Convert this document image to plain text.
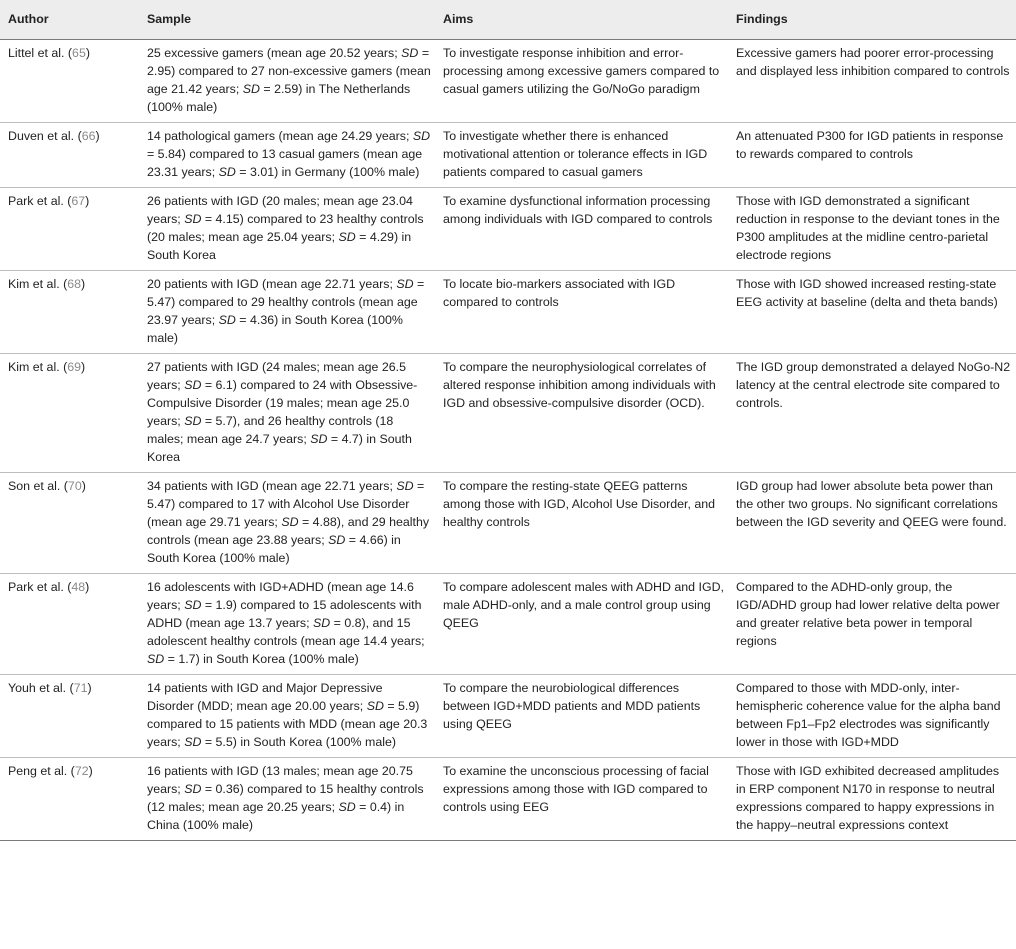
Author	Sample	Aims	Findings
Littel et al. (65)	25 excessive gamers (mean age 20.52 years; SD = 2.95) compared to 27 non-excessive gamers (mean age 21.42 years; SD = 2.59) in The Netherlands (100% male)	To investigate response inhibition and error-processing among excessive gamers compared to casual gamers utilizing the Go/NoGo paradigm	Excessive gamers had poorer error-processing and displayed less inhibition compared to controls
Duven et al. (66)	14 pathological gamers (mean age 24.29 years; SD = 5.84) compared to 13 casual gamers (mean age 23.31 years; SD = 3.01) in Germany (100% male)	To investigate whether there is enhanced motivational attention or tolerance effects in IGD patients compared to casual gamers	An attenuated P300 for IGD patients in response to rewards compared to controls
Park et al. (67)	26 patients with IGD (20 males; mean age 23.04 years; SD = 4.15) compared to 23 healthy controls (20 males; mean age 25.04 years; SD = 4.29) in South Korea	To examine dysfunctional information processing among individuals with IGD compared to controls	Those with IGD demonstrated a significant reduction in response to the deviant tones in the P300 amplitudes at the midline centro-parietal electrode regions
Kim et al. (68)	20 patients with IGD (mean age 22.71 years; SD = 5.47) compared to 29 healthy controls (mean age 23.97 years; SD = 4.36) in South Korea (100% male)	To locate bio-markers associated with IGD compared to controls	Those with IGD showed increased resting-state EEG activity at baseline (delta and theta bands)
Kim et al. (69)	27 patients with IGD (24 males; mean age 26.5 years; SD = 6.1) compared to 24 with Obsessive-Compulsive Disorder (19 males; mean age 25.0 years; SD = 5.7), and 26 healthy controls (18 males; mean age 24.7 years; SD = 4.7) in South Korea	To compare the neurophysiological correlates of altered response inhibition among individuals with IGD and obsessive-compulsive disorder (OCD).	The IGD group demonstrated a delayed NoGo-N2 latency at the central electrode site compared to controls.
Son et al. (70)	34 patients with IGD (mean age 22.71 years; SD = 5.47) compared to 17 with Alcohol Use Disorder (mean age 29.71 years; SD = 4.88), and 29 healthy controls (mean age 23.88 years; SD = 4.66) in South Korea (100% male)	To compare the resting-state QEEG patterns among those with IGD, Alcohol Use Disorder, and healthy controls	IGD group had lower absolute beta power than the other two groups. No significant correlations between the IGD severity and QEEG were found.
Park et al. (48)	16 adolescents with IGD+ADHD (mean age 14.6 years; SD = 1.9) compared to 15 adolescents with ADHD (mean age 13.7 years; SD = 0.8), and 15 adolescent healthy controls (mean age 14.4 years; SD = 1.7) in South Korea (100% male)	To compare adolescent males with ADHD and IGD, male ADHD-only, and a male control group using QEEG	Compared to the ADHD-only group, the IGD/ADHD group had lower relative delta power and greater relative beta power in temporal regions
Youh et al. (71)	14 patients with IGD and Major Depressive Disorder (MDD; mean age 20.00 years; SD = 5.9) compared to 15 patients with MDD (mean age 20.3 years; SD = 5.5) in South Korea (100% male)	To compare the neurobiological differences between IGD+MDD patients and MDD patients using QEEG	Compared to those with MDD-only, inter-hemispheric coherence value for the alpha band between Fp1–Fp2 electrodes was significantly lower in those with IGD+MDD
Peng et al. (72)	16 patients with IGD (13 males; mean age 20.75 years; SD = 0.36) compared to 15 healthy controls (12 males; mean age 20.25 years; SD = 0.4) in China (100% male)	To examine the unconscious processing of facial expressions among those with IGD compared to controls using EEG	Those with IGD exhibited decreased amplitudes in ERP component N170 in response to neutral expressions compared to happy expressions in the happy–neutral expressions context
